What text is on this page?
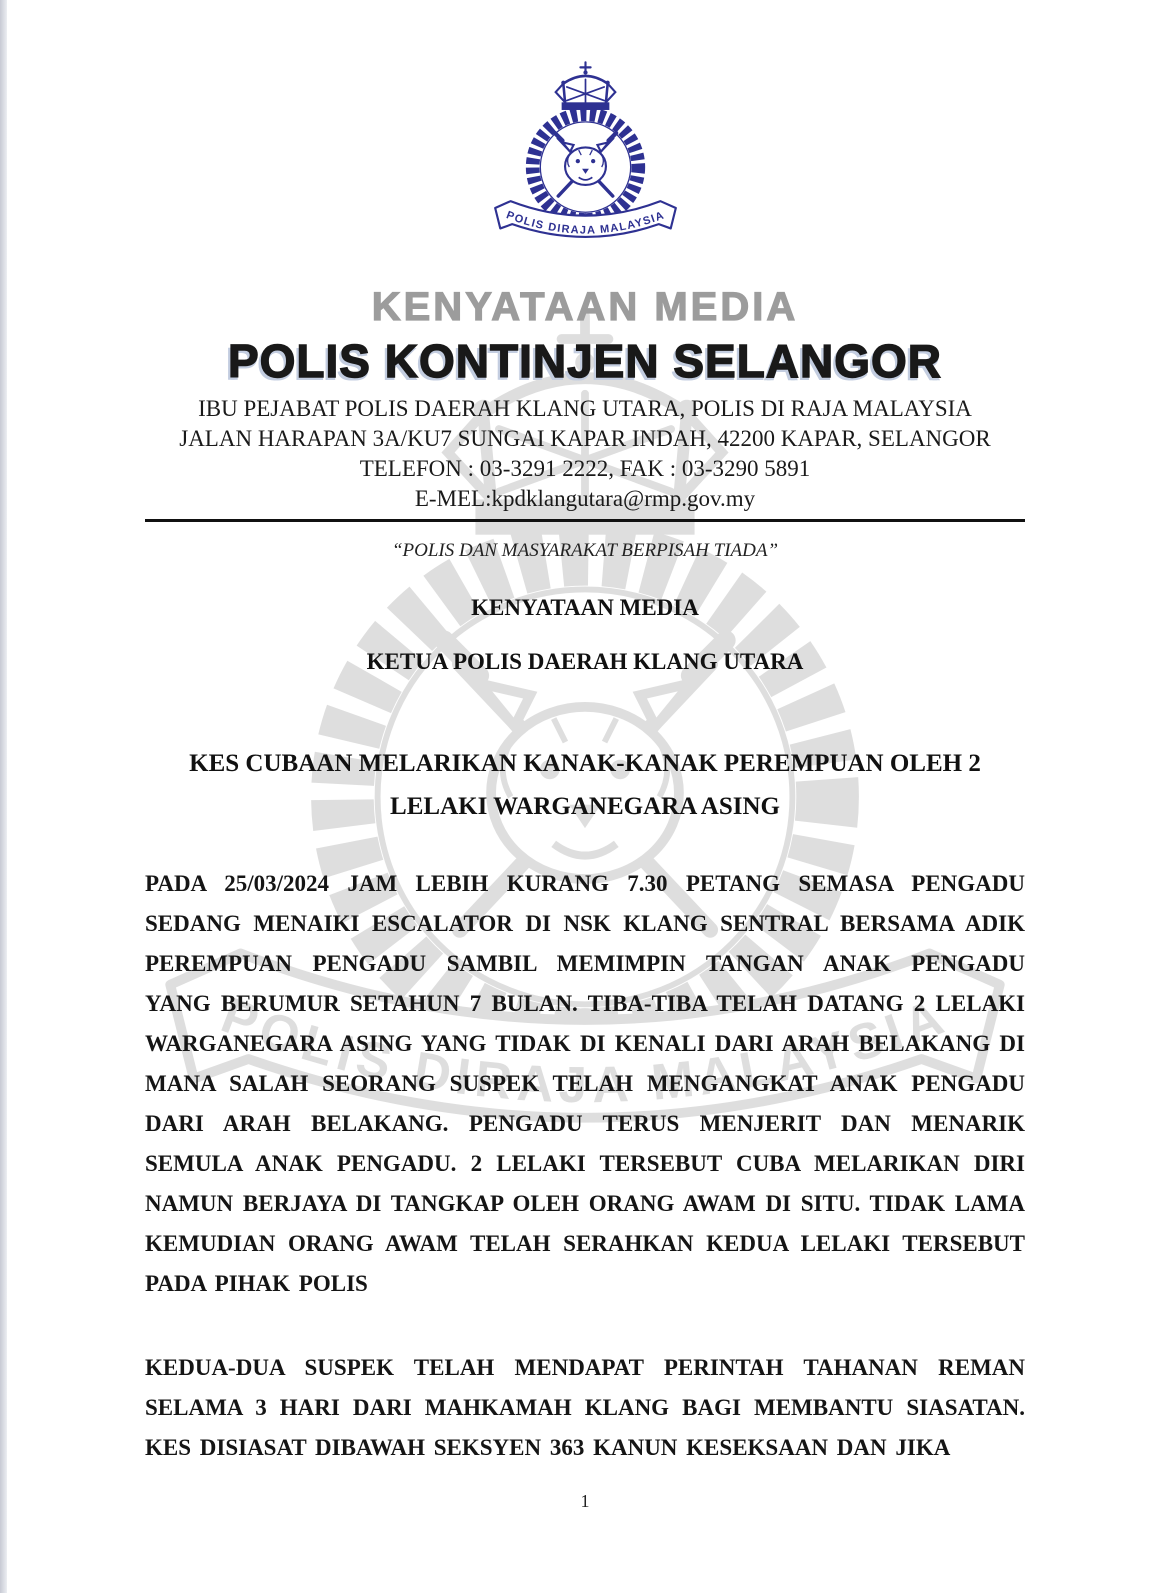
KENYATAAN MEDIA
POLIS KONTINJEN SELANGOR
IBU PEJABAT POLIS DAERAH KLANG UTARA, POLIS DI RAJA MALAYSIA
JALAN HARAPAN 3A/KU7 SUNGAI KAPAR INDAH, 42200 KAPAR, SELANGOR
TELEFON : 03-3291 2222, FAK : 03-3290 5891
E-MEL:kpdklangutara@rmp.gov.my
“POLIS DAN MASYARAKAT BERPISAH TIADA”
KENYATAAN MEDIA
KETUA POLIS DAERAH KLANG UTARA
KES CUBAAN MELARIKAN KANAK-KANAK PEREMPUAN OLEH 2 LELAKI WARGANEGARA ASING

PADA 25/03/2024 JAM LEBIH KURANG 7.30 PETANG SEMASA PENGADU SEDANG MENAIKI ESCALATOR DI NSK KLANG SENTRAL BERSAMA ADIK PEREMPUAN PENGADU SAMBIL MEMIMPIN TANGAN ANAK PENGADU YANG BERUMUR SETAHUN 7 BULAN. TIBA-TIBA TELAH DATANG 2 LELAKI WARGANEGARA ASING YANG TIDAK DI KENALI DARI ARAH BELAKANG DI MANA SALAH SEORANG SUSPEK TELAH MENGANGKAT ANAK PENGADU DARI ARAH BELAKANG. PENGADU TERUS MENJERIT DAN MENARIK SEMULA ANAK PENGADU. 2 LELAKI TERSEBUT CUBA MELARIKAN DIRI NAMUN BERJAYA DI TANGKAP OLEH ORANG AWAM DI SITU. TIDAK LAMA KEMUDIAN ORANG AWAM TELAH SERAHKAN KEDUA LELAKI TERSEBUT PADA PIHAK POLIS

KEDUA-DUA SUSPEK TELAH MENDAPAT PERINTAH TAHANAN REMAN SELAMA 3 HARI DARI MAHKAMAH KLANG BAGI MEMBANTU SIASATAN. KES DISIASAT DIBAWAH SEKSYEN 363 KANUN KESEKSAAN DAN JIKA

1
